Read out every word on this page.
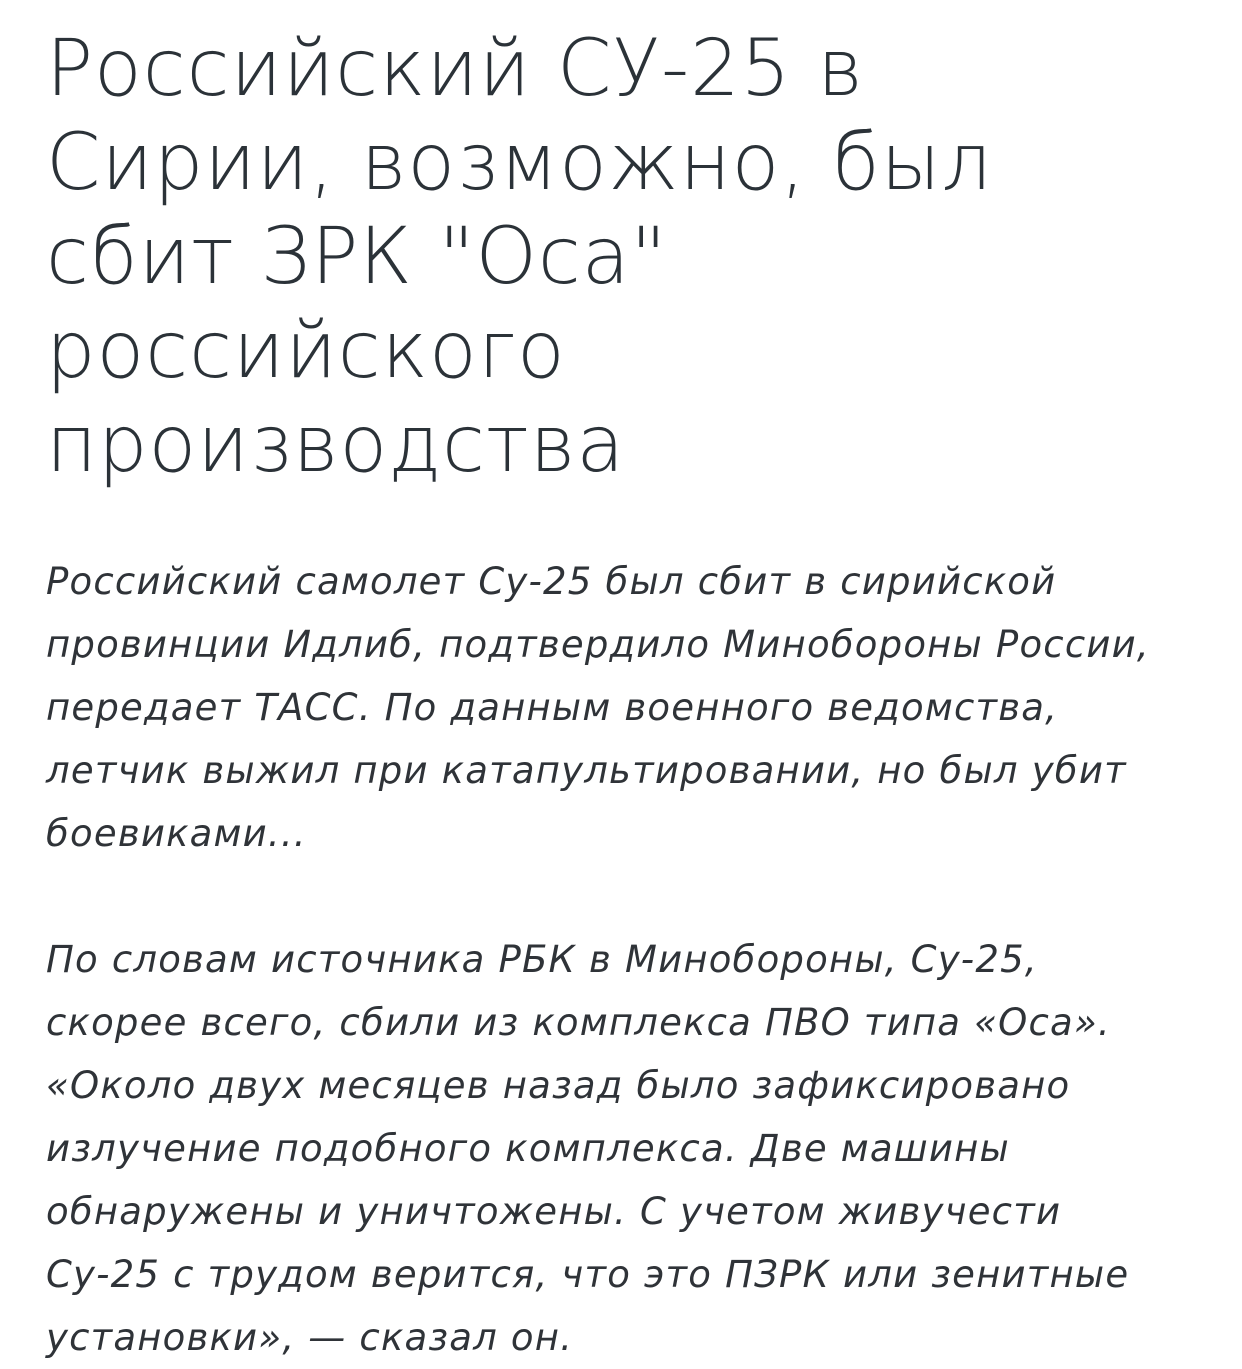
Российский СУ-25 в
Сирии, возможно, был
сбит ЗРК "Оса"
российского
производства

Российский самолет Су-25 был сбит в сирийской
провинции Идлиб, подтвердило Минобороны России,
передает ТАСС. По данным военного ведомства,
летчик выжил при катапультировании, но был убит
боевиками...

По словам источника РБК в Минобороны, Су-25,
скорее всего, сбили из комплекса ПВО типа «Оса».
«Около двух месяцев назад было зафиксировано
излучение подобного комплекса. Две машины
обнаружены и уничтожены. С учетом живучести
Су-25 с трудом верится, что это ПЗРК или зенитные
установки», — сказал он.
